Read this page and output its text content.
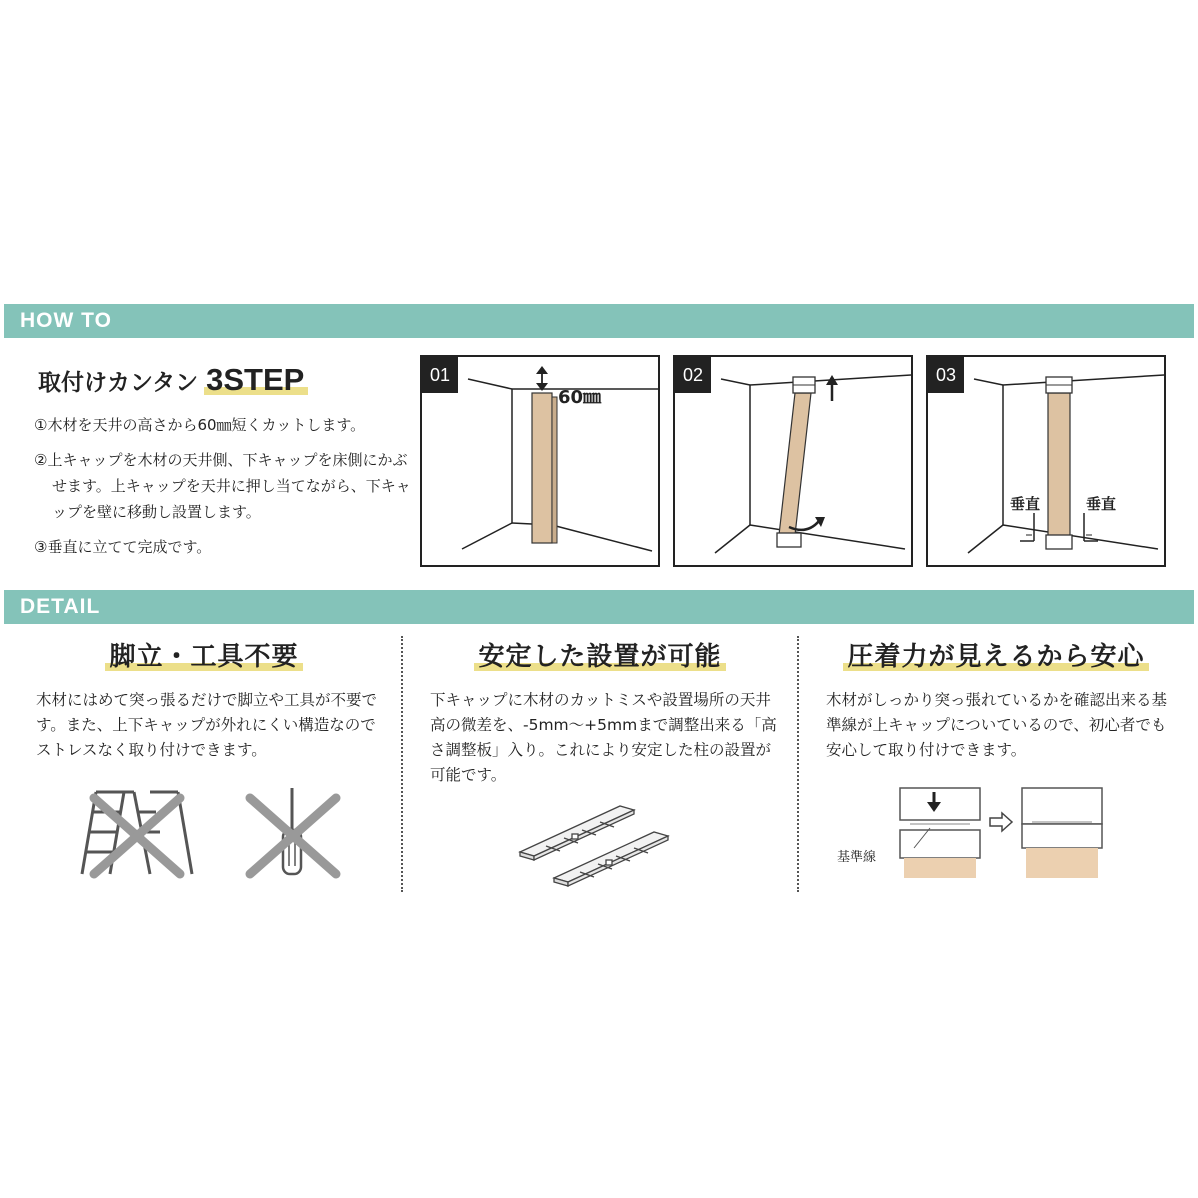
HOW TO
取付けカンタン 3STEP

①木材を天井の高さから60㎜短くカットします。

②上キャップを木材の天井側、下キャップを床側にかぶせます。上キャップを天井に押し当てながら、下キャップを壁に移動し設置します。

③垂直に立てて完成です。

01
60㎜
02	03
垂直	垂直
DETAIL
脚立・工具不要
木材にはめて突っ張るだけで脚立や工具が不要です。また、上下キャップが外れにくい構造なのでストレスなく取り付けできます。
安定した設置が可能
下キャップに木材のカットミスや設置場所の天井高の微差を、-5mm〜+5mmまで調整出来る「高さ調整板」入り。これにより安定した柱の設置が可能です。
圧着力が見えるから安心
木材がしっかり突っ張れているかを確認出来る基準線が上キャップについているので、初心者でも安心して取り付けできます。
基準線
